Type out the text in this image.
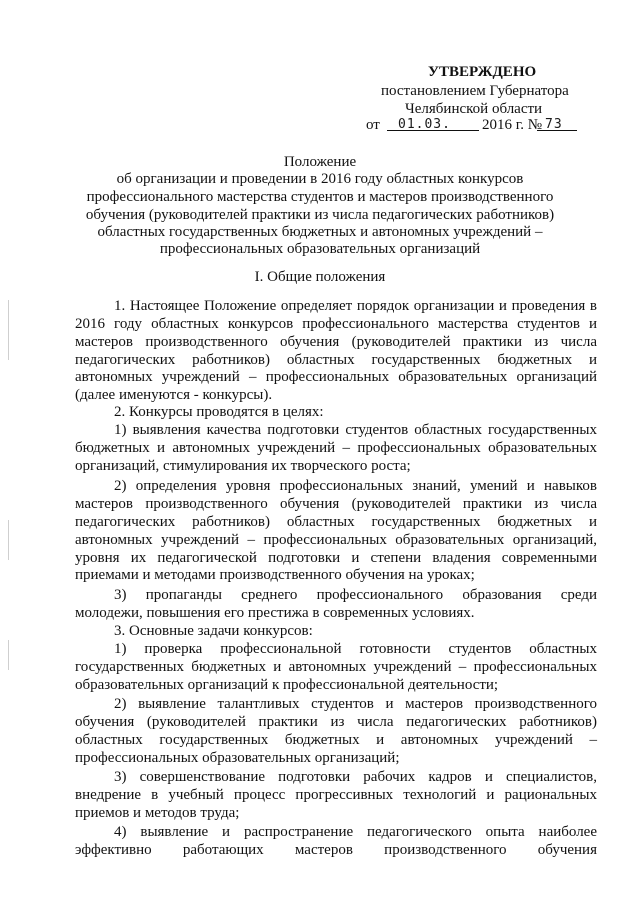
УТВЕРЖДЕНО
постановлением Губернатора
Челябинской области
от 01.03. 2016 г. № 73
Положение
об организации и проведении в 2016 году областных конкурсов
профессионального мастерства студентов и мастеров производственного
обучения (руководителей практики из числа педагогических работников)
областных государственных бюджетных и автономных учреждений –
профессиональных образовательных организаций
I. Общие положения
1. Настоящее Положение определяет порядок организации и проведения в
2016 году областных конкурсов профессионального мастерства студентов и
мастеров производственного обучения (руководителей практики из числа
педагогических работников) областных государственных бюджетных и
автономных учреждений – профессиональных образовательных организаций
(далее именуются - конкурсы).
2. Конкурсы проводятся в целях:
1) выявления качества подготовки студентов областных государственных
бюджетных и автономных учреждений – профессиональных образовательных
организаций, стимулирования их творческого роста;
2) определения уровня профессиональных знаний, умений и навыков
мастеров производственного обучения (руководителей практики из числа
педагогических работников) областных государственных бюджетных и
автономных учреждений – профессиональных образовательных организаций,
уровня их педагогической подготовки и степени владения современными
приемами и методами производственного обучения на уроках;
3) пропаганды среднего профессионального образования среди
молодежи, повышения его престижа в современных условиях.
3. Основные задачи конкурсов:
1) проверка профессиональной готовности студентов областных
государственных бюджетных и автономных учреждений – профессиональных
образовательных организаций к профессиональной деятельности;
2) выявление талантливых студентов и мастеров производственного
обучения (руководителей практики из числа педагогических работников)
областных государственных бюджетных и автономных учреждений –
профессиональных образовательных организаций;
3) совершенствование подготовки рабочих кадров и специалистов,
внедрение в учебный процесс прогрессивных технологий и рациональных
приемов и методов труда;
4) выявление и распространение педагогического опыта наиболее
эффективно работающих мастеров производственного обучения
